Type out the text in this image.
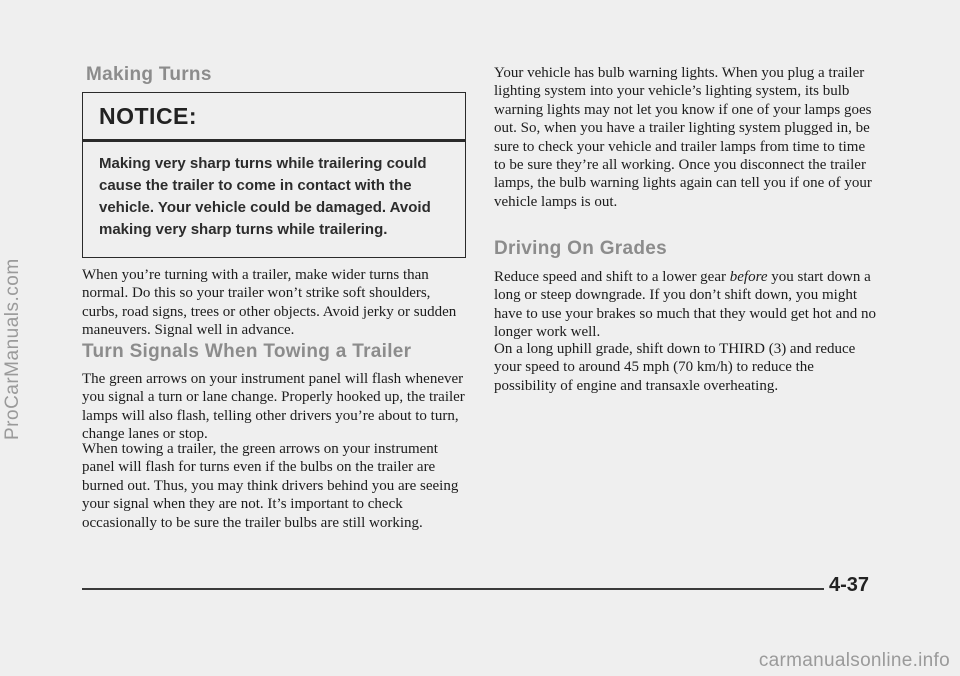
Making Turns
NOTICE:

Making very sharp turns while trailering could cause the trailer to come in contact with the vehicle. Your vehicle could be damaged. Avoid making very sharp turns while trailering.

When you’re turning with a trailer, make wider turns than normal. Do this so your trailer won’t strike soft shoulders, curbs, road signs, trees or other objects. Avoid jerky or sudden maneuvers. Signal well in advance.

Turn Signals When Towing a Trailer

The green arrows on your instrument panel will flash whenever you signal a turn or lane change. Properly hooked up, the trailer lamps will also flash, telling other drivers you’re about to turn, change lanes or stop.

When towing a trailer, the green arrows on your instrument panel will flash for turns even if the bulbs on the trailer are burned out. Thus, you may think drivers behind you are seeing your signal when they are not. It’s important to check occasionally to be sure the trailer bulbs are still working.

Your vehicle has bulb warning lights. When you plug a trailer lighting system into your vehicle’s lighting system, its bulb warning lights may not let you know if one of your lamps goes out. So, when you have a trailer lighting system plugged in, be sure to check your vehicle and trailer lamps from time to time to be sure they’re all working. Once you disconnect the trailer lamps, the bulb warning lights again can tell you if one of your vehicle lamps is out.

Driving On Grades

Reduce speed and shift to a lower gear before you start down a long or steep downgrade. If you don’t shift down, you might have to use your brakes so much that they would get hot and no longer work well.

On a long uphill grade, shift down to THIRD (3) and reduce your speed to around 45 mph (70 km/h) to reduce the possibility of engine and transaxle overheating.

4-37
ProCarManuals.com
carmanualsonline.info
